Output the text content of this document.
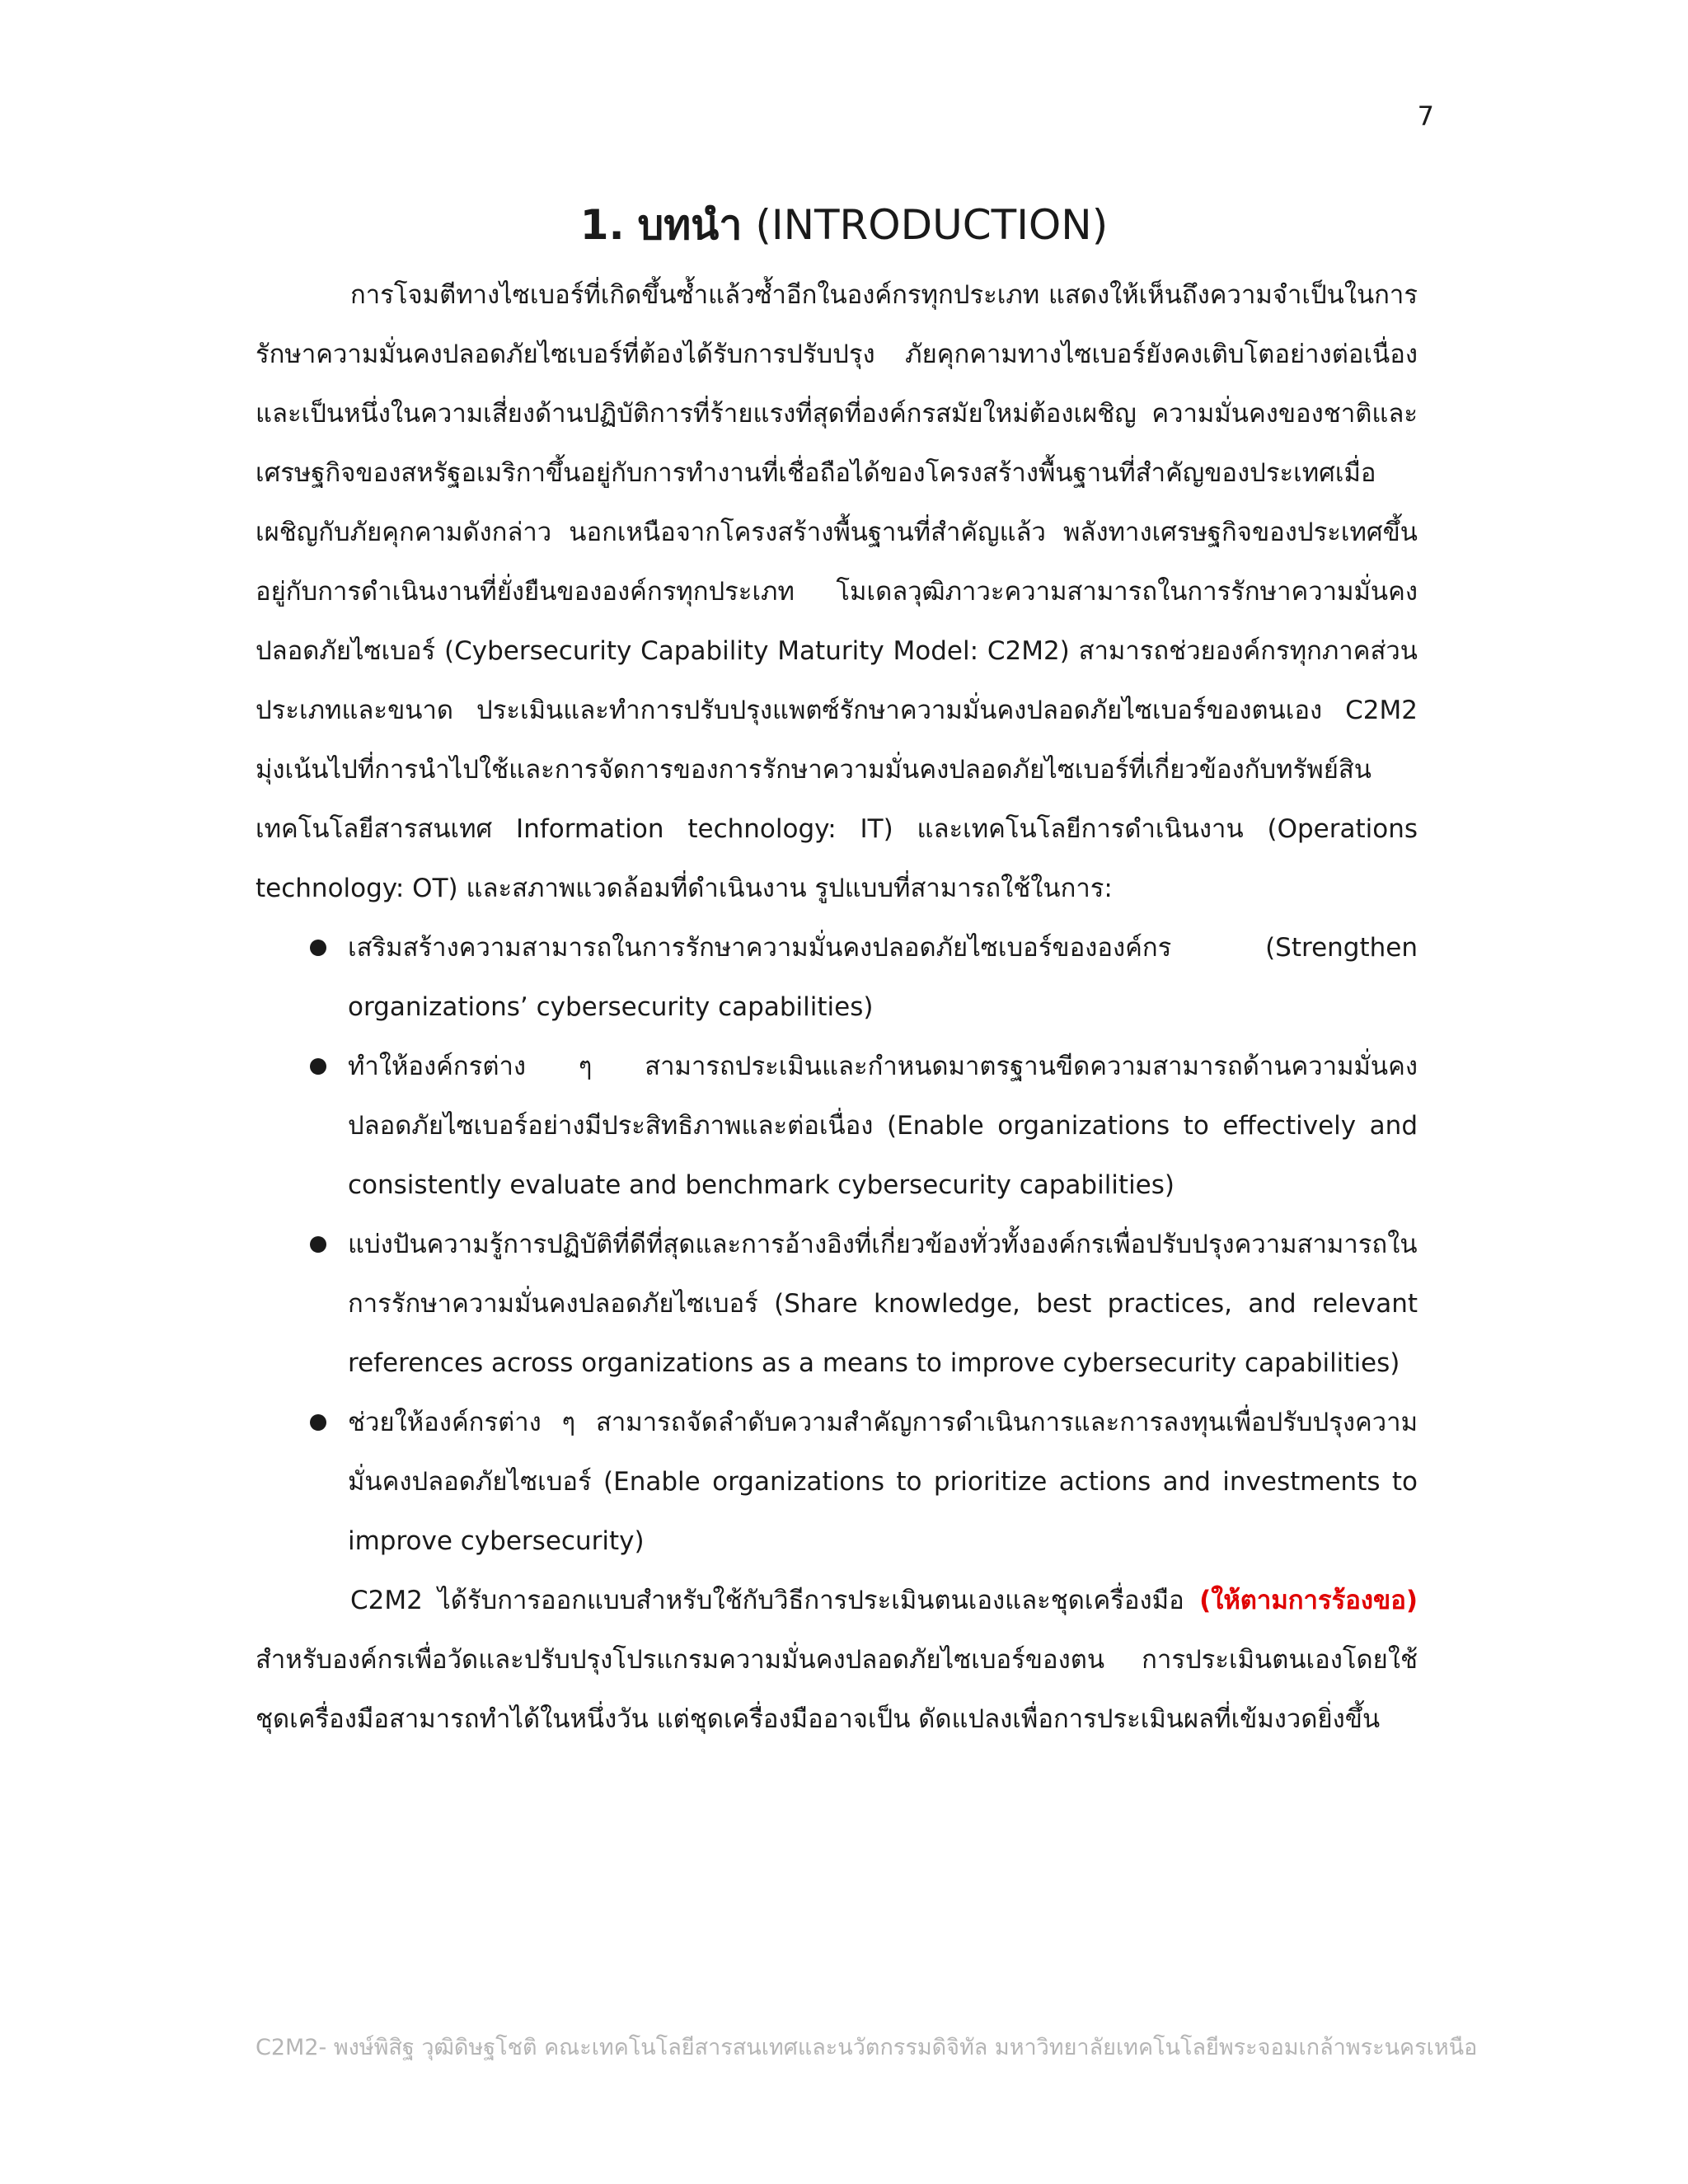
7
1. บทนำ (INTRODUCTION)

การโจมตีทางไซเบอร์ที่เกิดขึ้นซ้ำแล้วซ้ำอีกในองค์กรทุกประเภท แสดงให้เห็นถึงความจำเป็นในการรักษาความมั่นคงปลอดภัยไซเบอร์ที่ต้องได้รับการปรับปรุง ภัยคุกคามทางไซเบอร์ยังคงเติบโตอย่างต่อเนื่องและเป็นหนึ่งในความเสี่ยงด้านปฏิบัติการที่ร้ายแรงที่สุดที่องค์กรสมัยใหม่ต้องเผชิญ ความมั่นคงของชาติและเศรษฐกิจของสหรัฐอเมริกาขึ้นอยู่กับการทำงานที่เชื่อถือได้ของโครงสร้างพื้นฐานที่สำคัญของประเทศเมื่อเผชิญกับภัยคุกคามดังกล่าว นอกเหนือจากโครงสร้างพื้นฐานที่สำคัญแล้ว พลังทางเศรษฐกิจของประเทศขึ้นอยู่กับการดำเนินงานที่ยั่งยืนขององค์กรทุกประเภท โมเดลวุฒิภาวะความสามารถในการรักษาความมั่นคงปลอดภัยไซเบอร์ (Cybersecurity Capability Maturity Model: C2M2) สามารถช่วยองค์กรทุกภาคส่วน ประเภทและขนาด ประเมินและทำการปรับปรุงแพตซ์รักษาความมั่นคงปลอดภัยไซเบอร์ของตนเอง C2M2 มุ่งเน้นไปที่การนำไปใช้และการจัดการของการรักษาความมั่นคงปลอดภัยไซเบอร์ที่เกี่ยวข้องกับทรัพย์สินเทคโนโลยีสารสนเทศ Information technology: IT) และเทคโนโลยีการดำเนินงาน (Operations technology: OT) และสภาพแวดล้อมที่ดำเนินงาน รูปแบบที่สามารถใช้ในการ:

เสริมสร้างความสามารถในการรักษาความมั่นคงปลอดภัยไซเบอร์ขององค์กร (Strengthen organizations’ cybersecurity capabilities)
ทำให้องค์กรต่าง ๆ สามารถประเมินและกำหนดมาตรฐานขีดความสามารถด้านความมั่นคงปลอดภัยไซเบอร์อย่างมีประสิทธิภาพและต่อเนื่อง (Enable organizations to effectively and consistently evaluate and benchmark cybersecurity capabilities)
แบ่งปันความรู้การปฏิบัติที่ดีที่สุดและการอ้างอิงที่เกี่ยวข้องทั่วทั้งองค์กรเพื่อปรับปรุงความสามารถในการรักษาความมั่นคงปลอดภัยไซเบอร์ (Share knowledge, best practices, and relevant references across organizations as a means to improve cybersecurity capabilities)
ช่วยให้องค์กรต่าง ๆ สามารถจัดลำดับความสำคัญการดำเนินการและการลงทุนเพื่อปรับปรุงความมั่นคงปลอดภัยไซเบอร์ (Enable organizations to prioritize actions and investments to improve cybersecurity)

C2M2 ได้รับการออกแบบสำหรับใช้กับวิธีการประเมินตนเองและชุดเครื่องมือ (ให้ตามการร้องขอ) สำหรับองค์กรเพื่อวัดและปรับปรุงโปรแกรมความมั่นคงปลอดภัยไซเบอร์ของตน การประเมินตนเองโดยใช้ชุดเครื่องมือสามารถทำได้ในหนึ่งวัน แต่ชุดเครื่องมืออาจเป็น ดัดแปลงเพื่อการประเมินผลที่เข้มงวดยิ่งขึ้น

C2M2- พงษ์พิสิฐ วุฒิดิษฐโชติ คณะเทคโนโลยีสารสนเทศและนวัตกรรมดิจิทัล มหาวิทยาลัยเทคโนโลยีพระจอมเกล้าพระนครเหนือ
